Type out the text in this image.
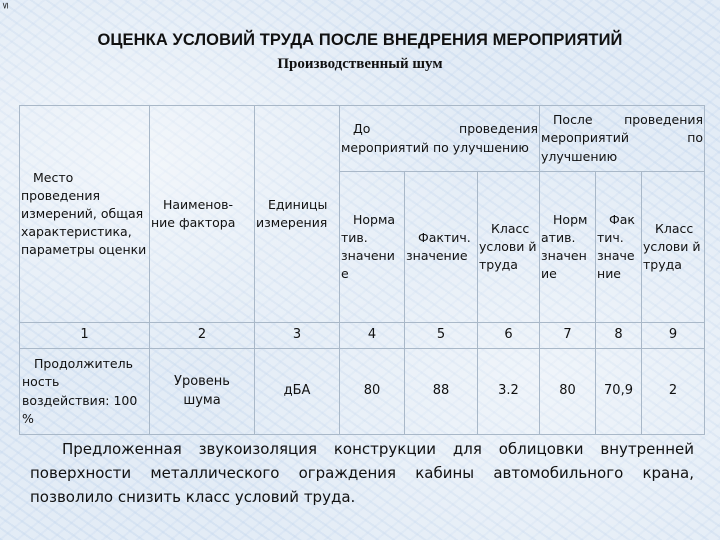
≤
ОЦЕНКА УСЛОВИЙ ТРУДА ПОСЛЕ ВНЕДРЕНИЯ МЕРОПРИЯТИЙ
Производственный шум
Место проведения измерений, общая характеристика, параметры оценки	Наименов-ние фактора	Единицы измерения	До проведения мероприятий по улучшению			После проведения мероприятий по улучшению		
			Норма тив. значени е	Фактич. значение	Класс услови й труда	Норм атив. значен ие	Фак тич. значе ние	Класс услови й труда
1	2	3	4	5	6	7	8	9
Продолжитель ность воздействия: 100 %	Уровень шума	дБА	80	88	3.2	80	70,9	2
Предложенная звукоизоляция конструкции для облицовки внутренней поверхности металлического ограждения кабины автомобильного крана, позволило снизить класс условий труда.
